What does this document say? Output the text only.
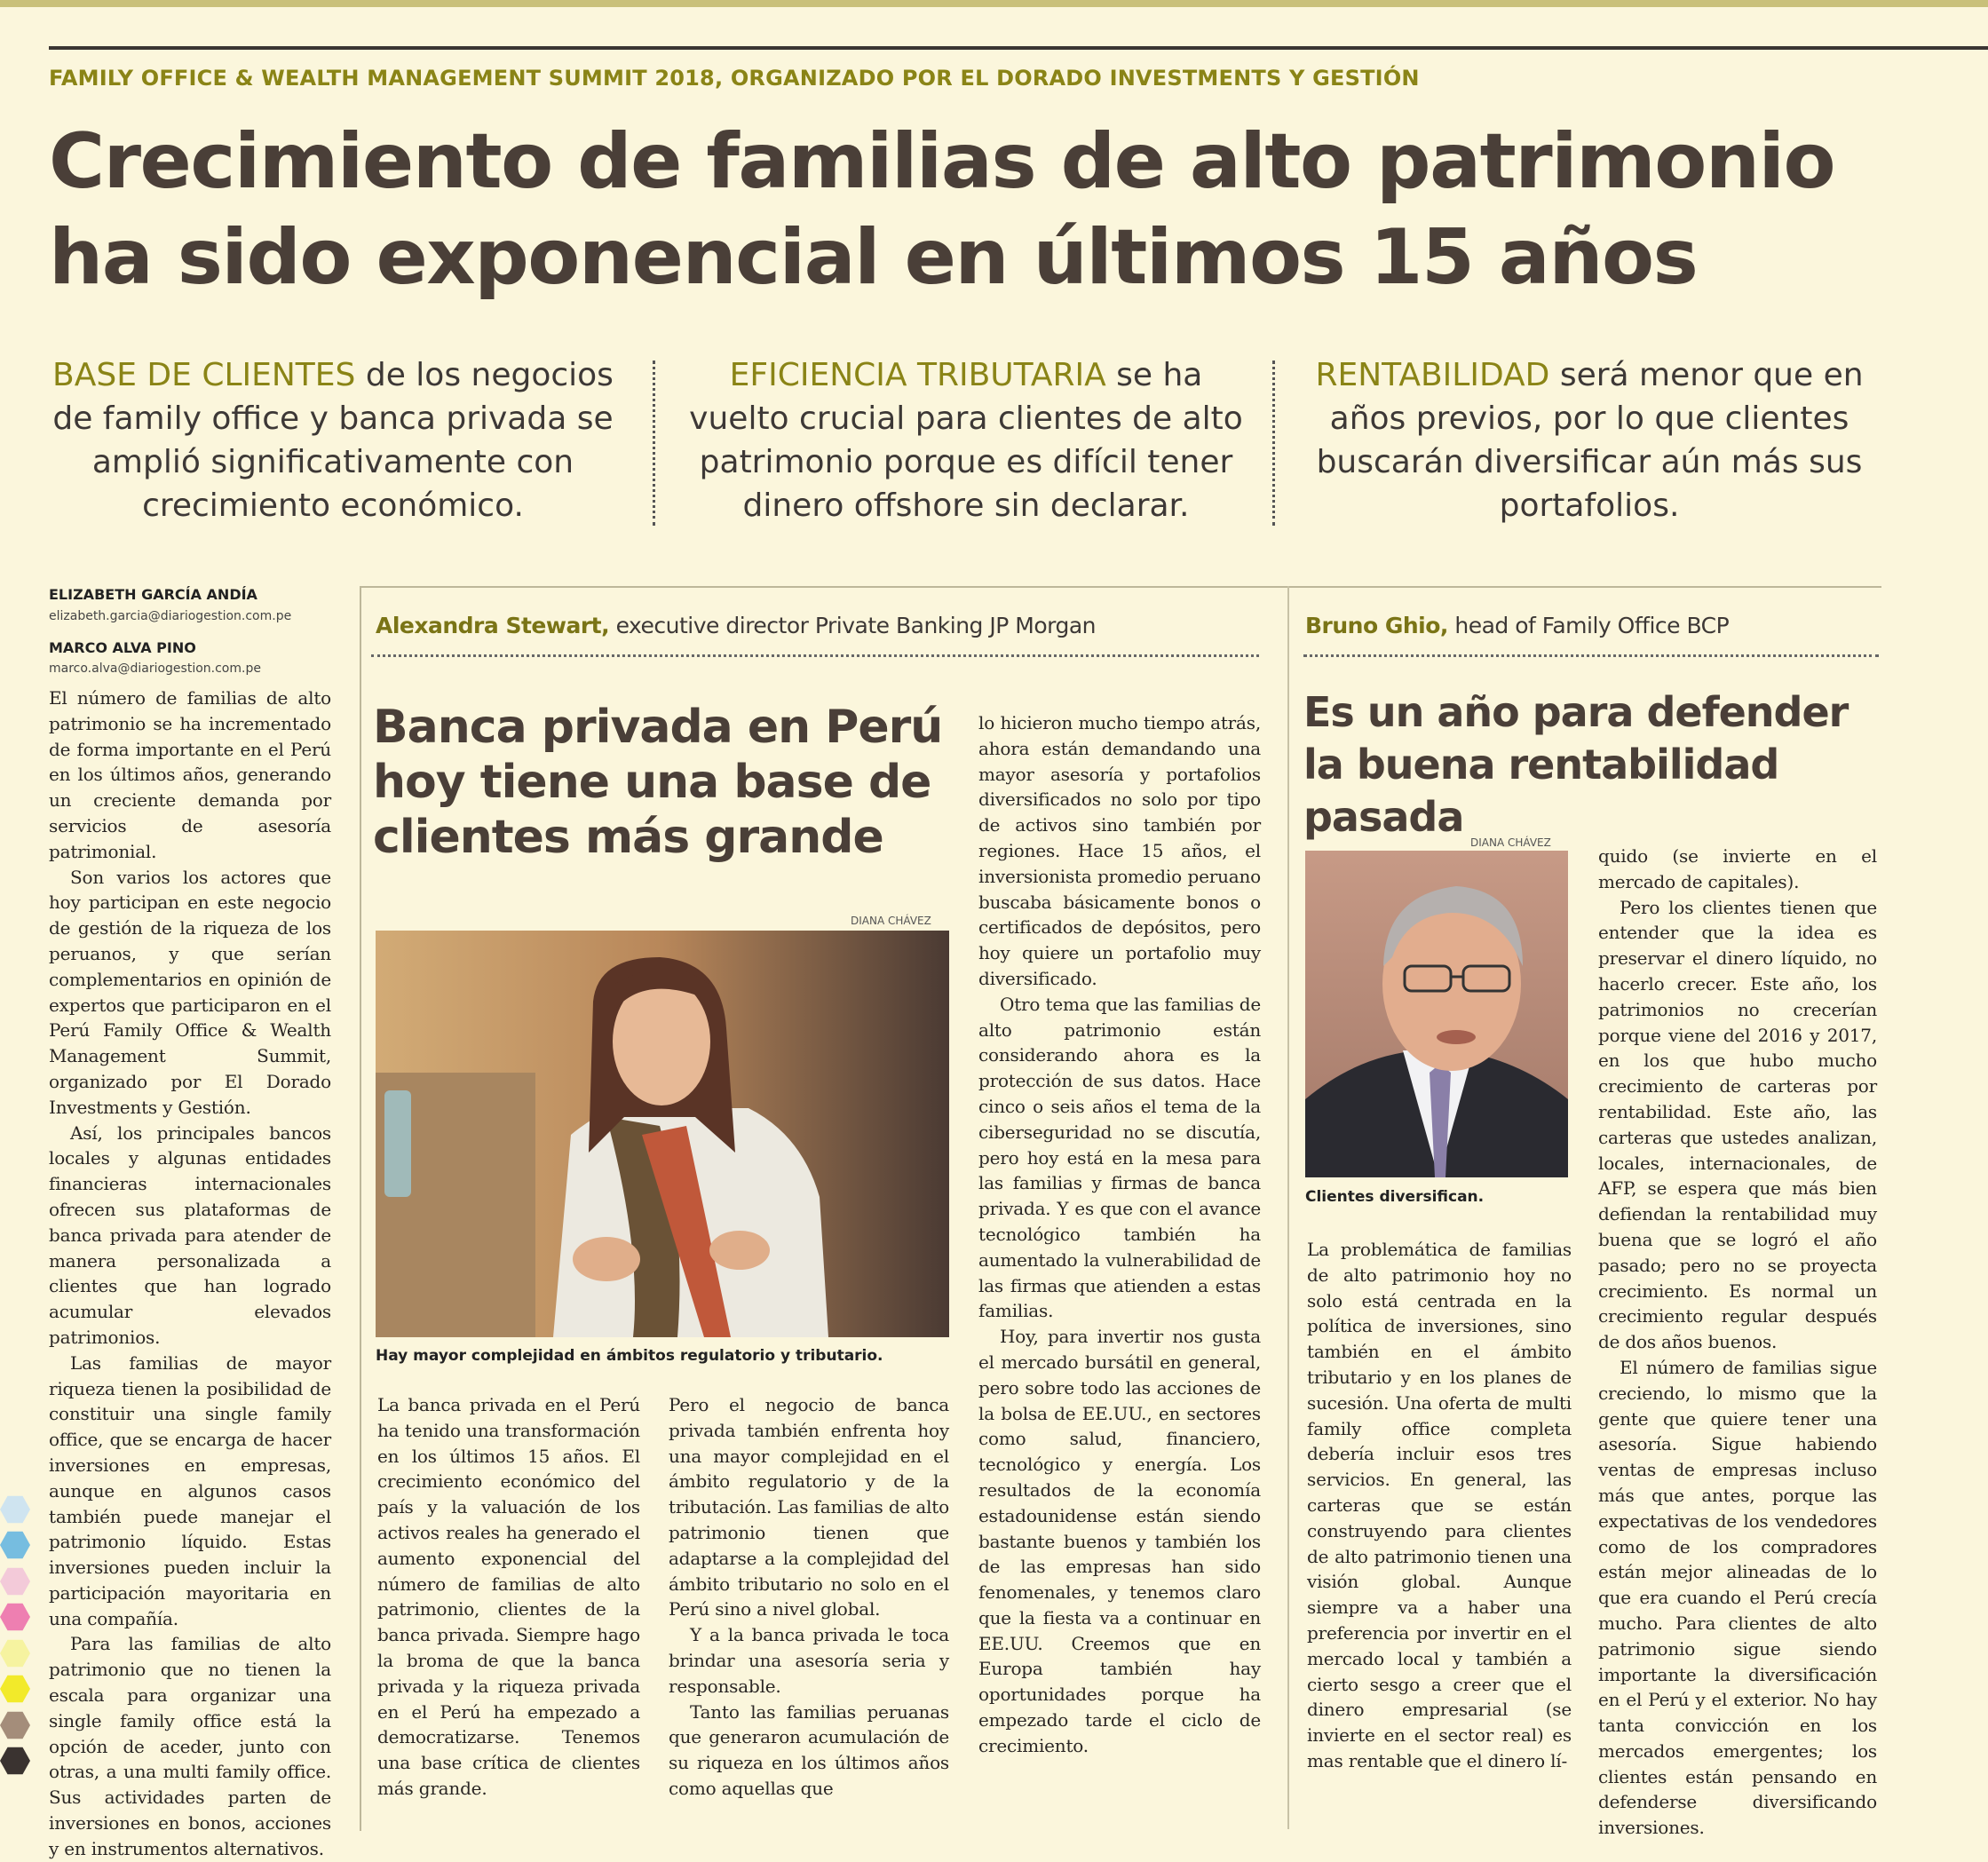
FAMILY OFFICE & WEALTH MANAGEMENT SUMMIT 2018, ORGANIZADO POR EL DORADO INVESTMENTS Y GESTIÓN
Crecimiento de familias de alto patrimonio
ha sido exponencial en últimos 15 años
BASE DE CLIENTES de los negocios de family office y banca privada se amplió significativamente con crecimiento económico.
EFICIENCIA TRIBUTARIA se ha vuelto crucial para clientes de alto patrimonio porque es difícil tener dinero offshore sin declarar.
RENTABILIDAD será menor que en años previos, por lo que clientes buscarán diversificar aún más sus portafolios.
ELIZABETH GARCÍA ANDÍA
elizabeth.garcia@diariogestion.com.pe
MARCO ALVA PINO
marco.alva@diariogestion.com.pe

El número de familias de alto patrimonio se ha incrementado de forma importante en el Perú en los últimos años, generando un creciente demanda por servicios de asesoría patrimonial.

Son varios los actores que hoy participan en este negocio de gestión de la riqueza de los peruanos, y que serían complementarios en opinión de expertos que participaron en el Perú Family Office & Wealth Management Summit, organizado por El Dorado Investments y Gestión.

Así, los principales bancos locales y algunas entidades financieras internacionales ofrecen sus plataformas de banca privada para atender de manera personalizada a clientes que han logrado acumular elevados patrimonios.

Las familias de mayor riqueza tienen la posibilidad de constituir una single family office, que se encarga de hacer inversiones en empresas, aunque en algunos casos también puede manejar el patrimonio líquido. Estas inversiones pueden incluir la participación mayoritaria en una compañía.

Para las familias de alto patrimonio que no tienen la escala para organizar una single family office está la opción de aceder, junto con otras, a una multi family office. Sus actividades parten de inversiones en bonos, acciones y en instrumentos alternativos.

Alexandra Stewart, executive director Private Banking JP Morgan
Banca privada en Perú hoy tiene una base de clientes más grande
DIANA CHÁVEZ
Hay mayor complejidad en ámbitos regulatorio y tributario.

La banca privada en el Perú ha tenido una transformación en los últimos 15 años. El crecimiento económico del país y la valuación de los activos reales ha generado el aumento exponencial del número de familias de alto patrimonio, clientes de la banca privada. Siempre hago la broma de que la banca privada y la riqueza privada en el Perú ha empezado a democratizarse. Tenemos una base crítica de clientes más grande.

Pero el negocio de banca privada también enfrenta hoy una mayor complejidad en el ámbito regulatorio y de la tributación. Las familias de alto patrimonio tienen que adaptarse a la complejidad del ámbito tributario no solo en el Perú sino a nivel global.

Y a la banca privada le toca brindar una asesoría seria y responsable.

Tanto las familias peruanas que generaron acumulación de su riqueza en los últimos años como aquellas que

lo hicieron mucho tiempo atrás, ahora están demandando una mayor asesoría y portafolios diversificados no solo por tipo de activos sino también por regiones. Hace 15 años, el inversionista promedio peruano buscaba básicamente bonos o certificados de depósitos, pero hoy quiere un portafolio muy diversificado.

Otro tema que las familias de alto patrimonio están considerando ahora es la protección de sus datos. Hace cinco o seis años el tema de la ciberseguridad no se discutía, pero hoy está en la mesa para las familias y firmas de banca privada. Y es que con el avance tecnológico también ha aumentado la vulnerabilidad de las firmas que atienden a estas familias.

Hoy, para invertir nos gusta el mercado bursátil en general, pero sobre todo las acciones de la bolsa de EE.UU., en sectores como salud, financiero, tecnológico y energía. Los resultados de la economía estadounidense están siendo bastante buenos y también los de las empresas han sido fenomenales, y tenemos claro que la fiesta va a continuar en EE.UU. Creemos que en Europa también hay oportunidades porque ha empezado tarde el ciclo de crecimiento.

Bruno Ghio, head of Family Office BCP
Es un año para defender la buena rentabilidad pasada
DIANA CHÁVEZ
Clientes diversifican.

La problemática de familias de alto patrimonio hoy no solo está centrada en la política de inversiones, sino también en el ámbito tributario y en los planes de sucesión. Una oferta de multi family office completa debería incluir esos tres servicios. En general, las carteras que se están construyendo para clientes de alto patrimonio tienen una visión global. Aunque siempre va a haber una preferencia por invertir en el mercado local y también a cierto sesgo a creer que el dinero empresarial (se invierte en el sector real) es mas rentable que el dinero lí-

quido (se invierte en el mercado de capitales).

Pero los clientes tienen que entender que la idea es preservar el dinero líquido, no hacerlo crecer. Este año, los patrimonios no crecerían porque viene del 2016 y 2017, en los que hubo mucho crecimiento de carteras por rentabilidad. Este año, las carteras que ustedes analizan, locales, internacionales, de AFP, se espera que más bien defiendan la rentabilidad muy buena que se logró el año pasado; pero no se proyecta crecimiento. Es normal un crecimiento regular después de dos años buenos.

El número de familias sigue creciendo, lo mismo que la gente que quiere tener una asesoría. Sigue habiendo ventas de empresas incluso más que antes, porque las expectativas de los vendedores como de los compradores están mejor alineadas de lo que era cuando el Perú crecía mucho. Para clientes de alto patrimonio sigue siendo importante la diversificación en el Perú y el exterior. No hay tanta convicción en los mercados emergentes; los clientes están pensando en defenderse diversificando inversiones.
